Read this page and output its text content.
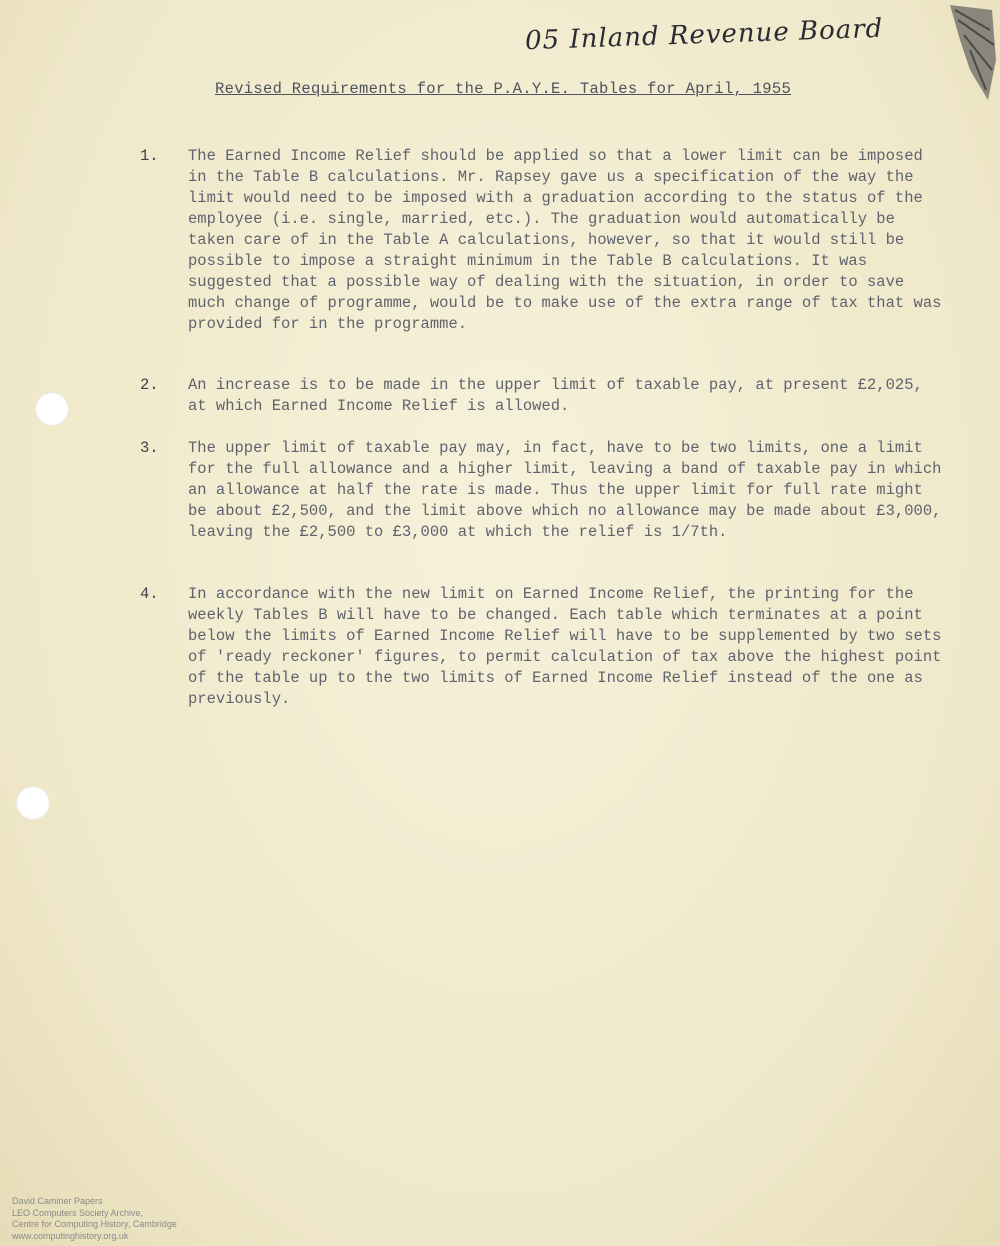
05 Inland Revenue Board
Revised Requirements for the P.A.Y.E. Tables for April, 1955
1.	The Earned Income Relief should be applied so that a lower limit can be imposed in the Table B calculations. Mr. Rapsey gave us a specification of the way the limit would need to be imposed with a graduation according to the status of the employee (i.e. single, married, etc.). The graduation would automatically be taken care of in the Table A calculations, however, so that it would still be possible to impose a straight minimum in the Table B calculations. It was suggested that a possible way of dealing with the situation, in order to save much change of programme, would be to make use of the extra range of tax that was provided for in the programme.
2.	An increase is to be made in the upper limit of taxable pay, at present £2,025, at which Earned Income Relief is allowed.
3.	The upper limit of taxable pay may, in fact, have to be two limits, one a limit for the full allowance and a higher limit, leaving a band of taxable pay in which an allowance at half the rate is made. Thus the upper limit for full rate might be about £2,500, and the limit above which no allowance may be made about £3,000, leaving the £2,500 to £3,000 at which the relief is 1/7th.
4.	In accordance with the new limit on Earned Income Relief, the printing for the weekly Tables B will have to be changed. Each table which terminates at a point below the limits of Earned Income Relief will have to be supplemented by two sets of 'ready reckoner' figures, to permit calculation of tax above the highest point of the table up to the two limits of Earned Income Relief instead of the one as previously.
David Caminer Papers
LEO Computers Society Archive,
Centre for Computing History, Cambridge
www.computinghistory.org.uk
